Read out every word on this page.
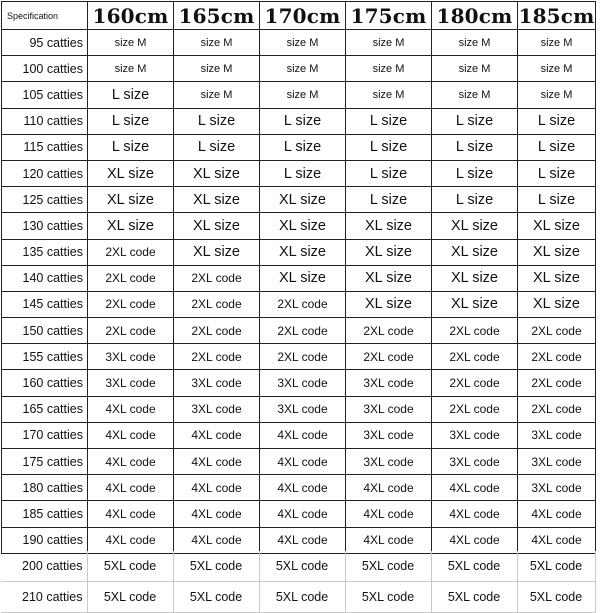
Specification	160cm	165cm	170cm	175cm	180cm	185cm
95 catties	size M	size M	size M	size M	size M	size M
100 catties	size M	size M	size M	size M	size M	size M
105 catties	L size	size M	size M	size M	size M	size M
110 catties	L size	L size	L size	L size	L size	L size
115 catties	L size	L size	L size	L size	L size	L size
120 catties	XL size	XL size	L size	L size	L size	L size
125 catties	XL size	XL size	XL size	L size	L size	L size
130 catties	XL size	XL size	XL size	XL size	XL size	XL size
135 catties	2XL code	XL size	XL size	XL size	XL size	XL size
140 catties	2XL code	2XL code	XL size	XL size	XL size	XL size
145 catties	2XL code	2XL code	2XL code	XL size	XL size	XL size
150 catties	2XL code	2XL code	2XL code	2XL code	2XL code	2XL code
155 catties	3XL code	2XL code	2XL code	2XL code	2XL code	2XL code
160 catties	3XL code	3XL code	3XL code	3XL code	2XL code	2XL code
165 catties	4XL code	3XL code	3XL code	3XL code	2XL code	2XL code
170 catties	4XL code	4XL code	4XL code	3XL code	3XL code	3XL code
175 catties	4XL code	4XL code	4XL code	3XL code	3XL code	3XL code
180 catties	4XL code	4XL code	4XL code	4XL code	4XL code	3XL code
185 catties	4XL code	4XL code	4XL code	4XL code	4XL code	4XL code
190 catties	4XL code	4XL code	4XL code	4XL code	4XL code	4XL code
200 catties	5XL code	5XL code	5XL code	5XL code	5XL code	5XL code
210 catties	5XL code	5XL code	5XL code	5XL code	5XL code	5XL code
